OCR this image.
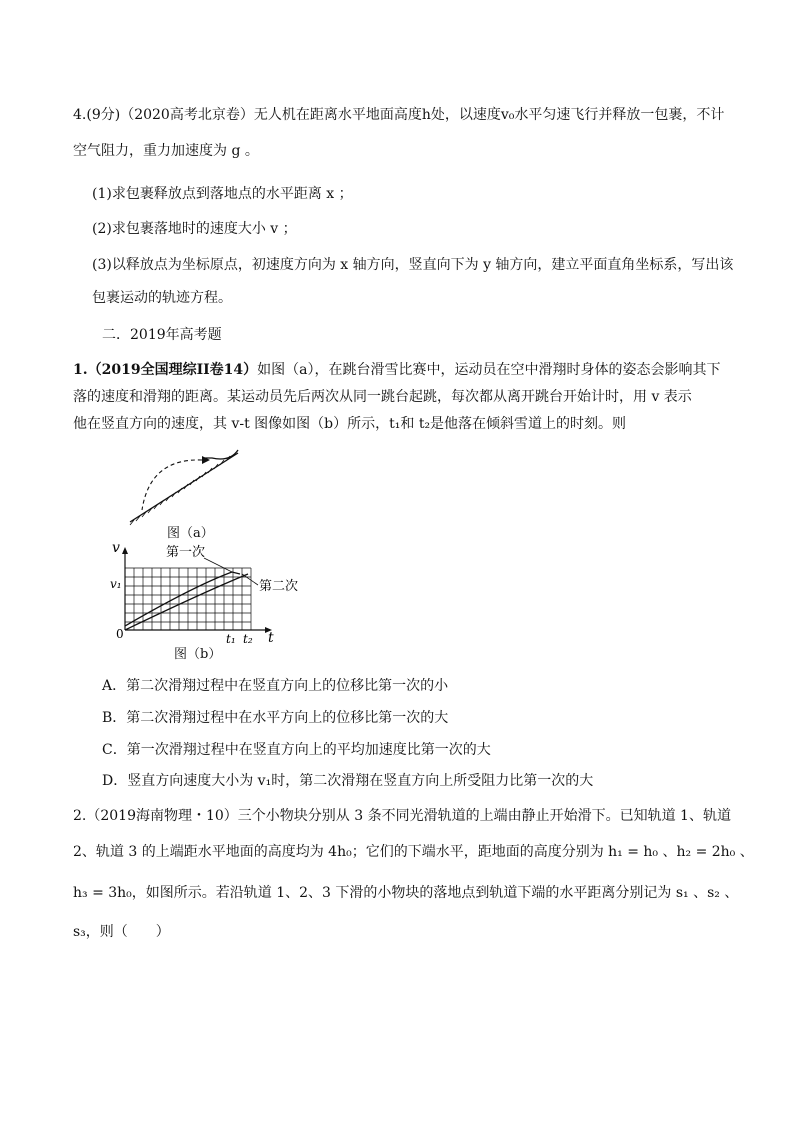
4.(9分)（2020高考北京卷）无人机在距离水平地面高度h处，以速度v₀水平匀速飞行并释放一包裹，不计
空气阻力，重力加速度为 g 。
(1)求包裹释放点到落地点的水平距离 x ；
(2)求包裹落地时的速度大小 v ；
(3)以释放点为坐标原点，初速度方向为 x 轴方向，竖直向下为 y 轴方向，建立平面直角坐标系，写出该
包裹运动的轨迹方程。
二．2019年高考题
1.（2019全国理综II卷14）如图（a），在跳台滑雪比赛中，运动员在空中滑翔时身体的姿态会影响其下
落的速度和滑翔的距离。某运动员先后两次从同一跳台起跳，每次都从离开跳台开始计时，用 v 表示
他在竖直方向的速度，其 v-t 图像如图（b）所示，t₁和 t₂是他落在倾斜雪道上的时刻。则
图（a）
v
t
0
v₁
t₁ t₂
第一次
第二次
图（b）
A．第二次滑翔过程中在竖直方向上的位移比第一次的小
B．第二次滑翔过程中在水平方向上的位移比第一次的大
C．第一次滑翔过程中在竖直方向上的平均加速度比第一次的大
D．竖直方向速度大小为 v₁时，第二次滑翔在竖直方向上所受阻力比第一次的大
2.（2019海南物理・10）三个小物块分别从 3 条不同光滑轨道的上端由静止开始滑下。已知轨道 1、轨道
2、轨道 3 的上端距水平地面的高度均为 4h₀；它们的下端水平，距地面的高度分别为 h₁ = h₀ 、h₂ = 2h₀ 、
h₃ = 3h₀，如图所示。若沿轨道 1、2、3 下滑的小物块的落地点到轨道下端的水平距离分别记为 s₁ 、s₂ 、
s₃，则（　　）
